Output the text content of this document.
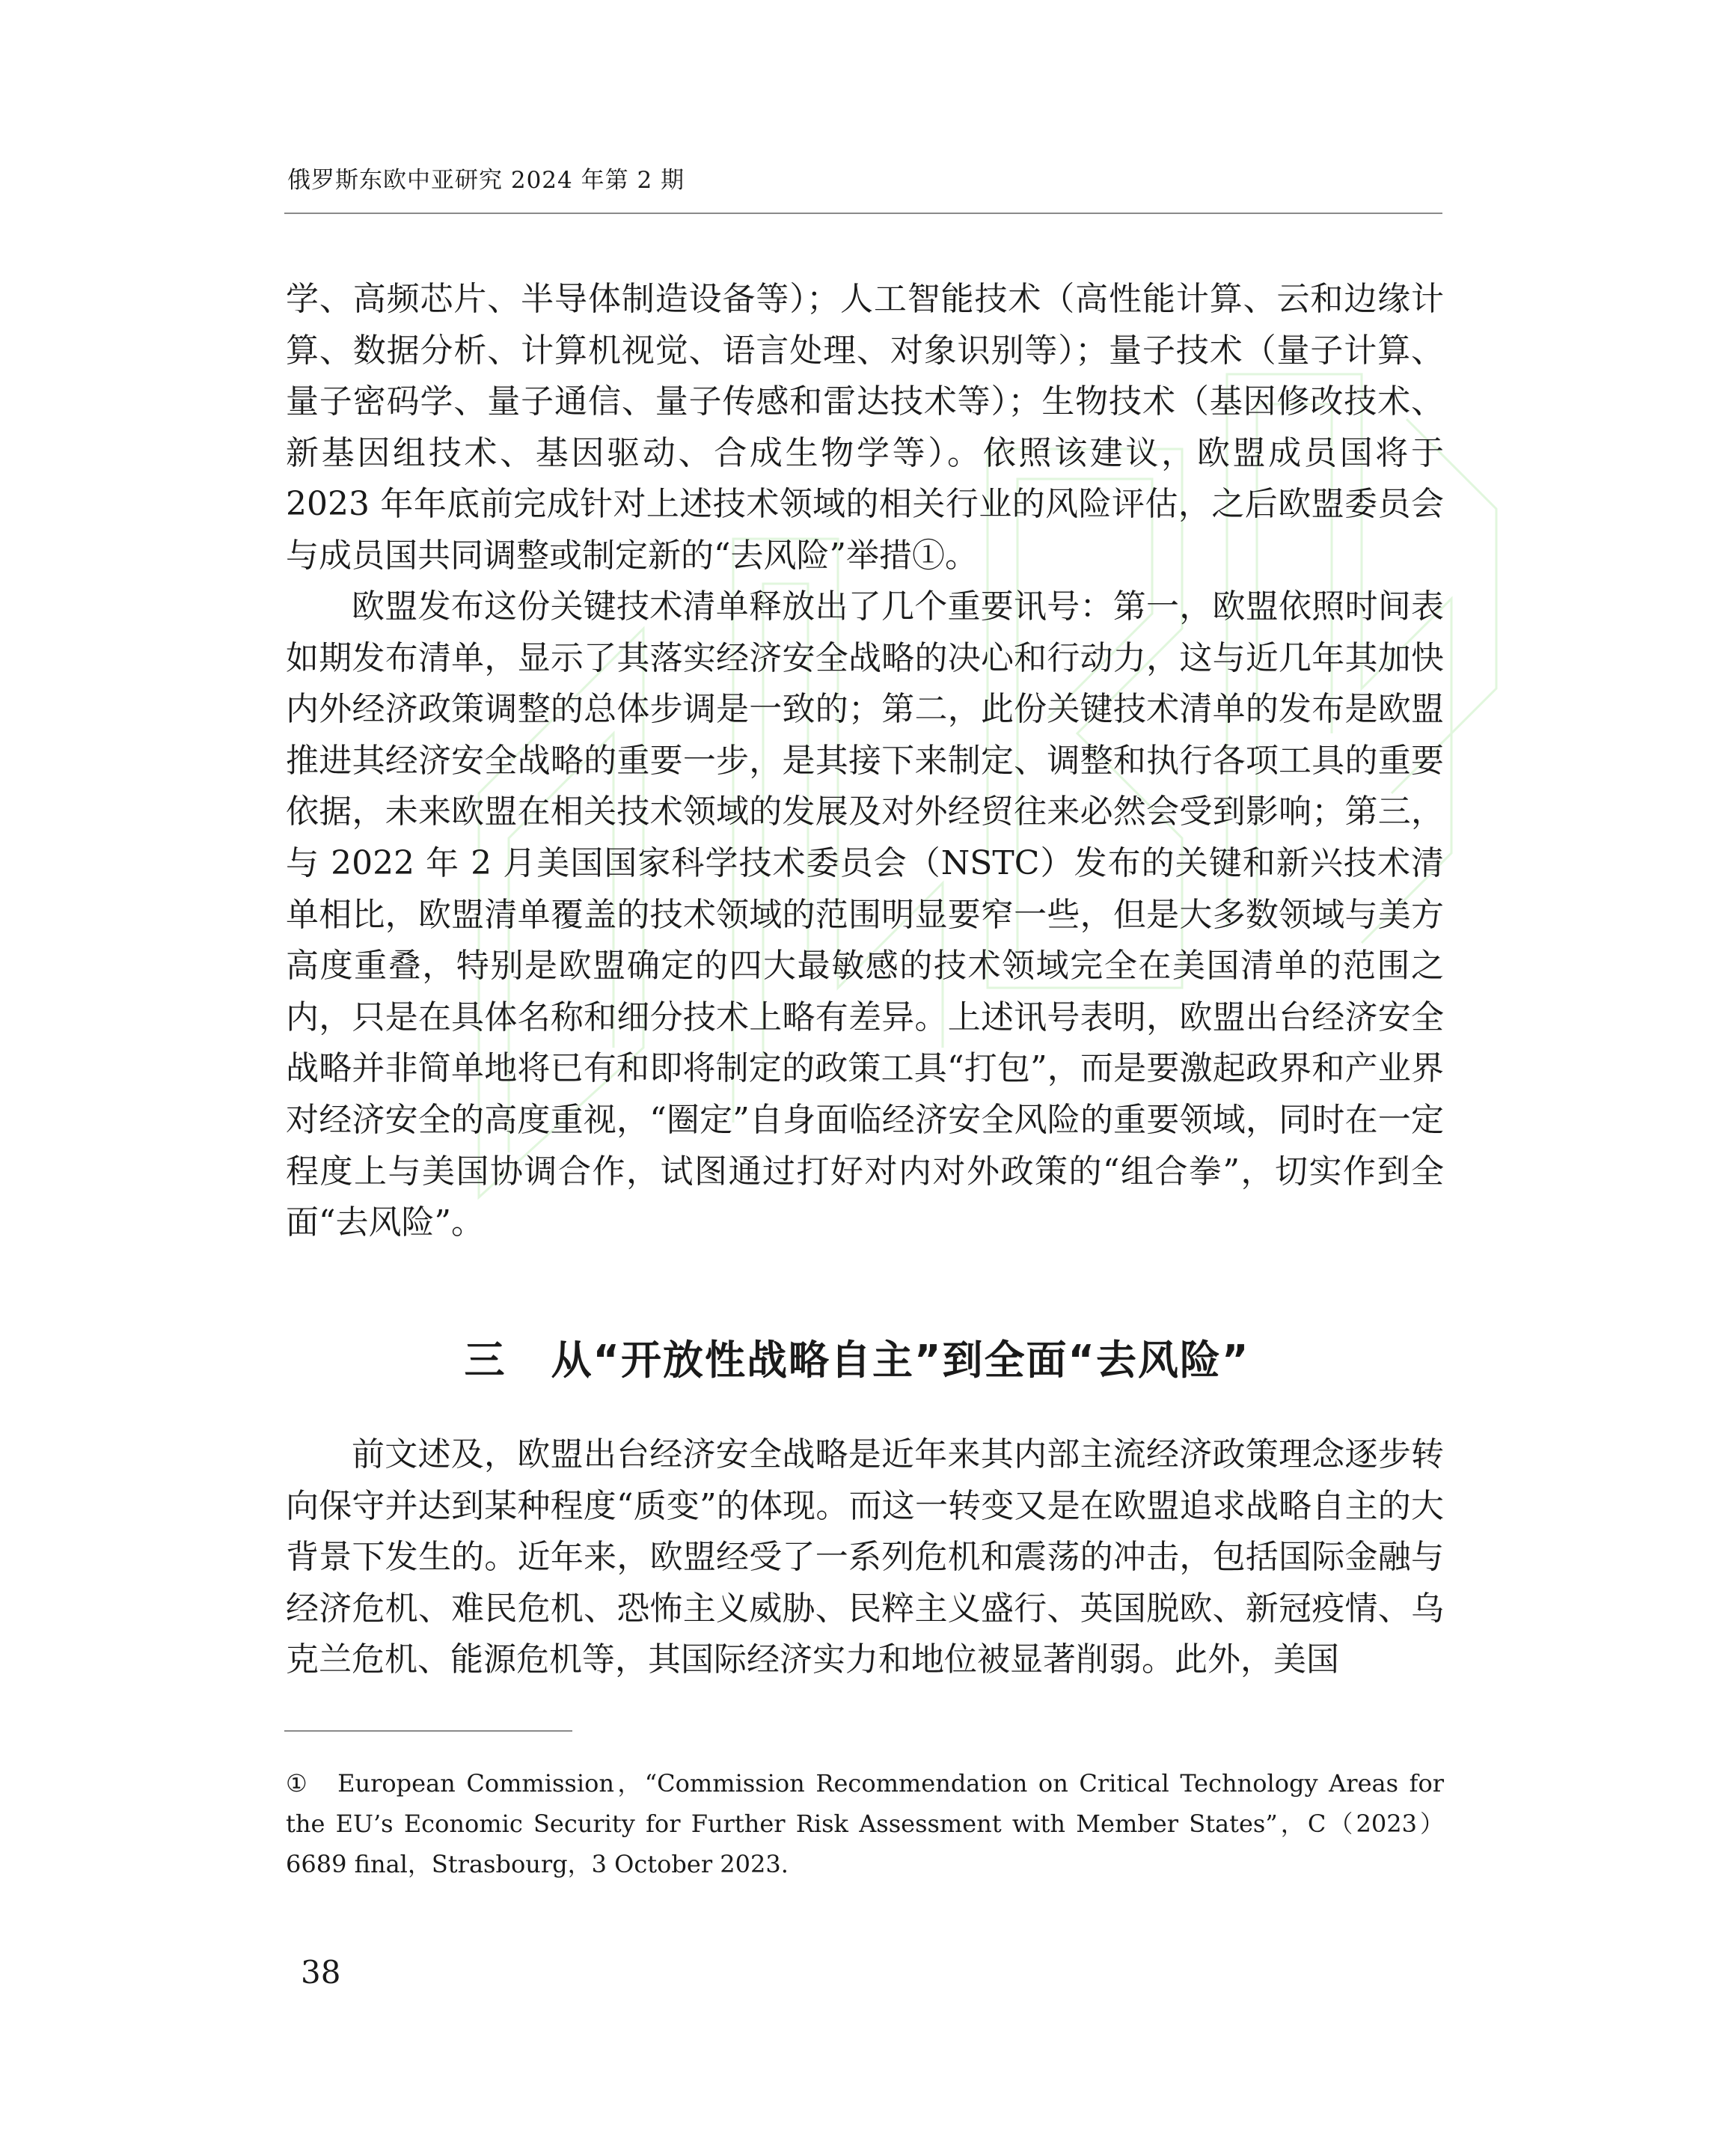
俄罗斯东欧中亚研究 2024 年第 2 期

学、高频芯片、半导体制造设备等）；人工智能技术（高性能计算、云和边缘计算、数据分析、计算机视觉、语言处理、对象识别等）；量子技术（量子计算、量子密码学、量子通信、量子传感和雷达技术等）；生物技术（基因修改技术、新基因组技术、基因驱动、合成生物学等）。依照该建议，欧盟成员国将于 2023 年年底前完成针对上述技术领域的相关行业的风险评估，之后欧盟委员会与成员国共同调整或制定新的“去风险”举措①。

欧盟发布这份关键技术清单释放出了几个重要讯号：第一，欧盟依照时间表如期发布清单，显示了其落实经济安全战略的决心和行动力，这与近几年其加快内外经济政策调整的总体步调是一致的；第二，此份关键技术清单的发布是欧盟推进其经济安全战略的重要一步，是其接下来制定、调整和执行各项工具的重要依据，未来欧盟在相关技术领域的发展及对外经贸往来必然会受到影响；第三，与 2022 年 2 月美国国家科学技术委员会（NSTC）发布的关键和新兴技术清单相比，欧盟清单覆盖的技术领域的范围明显要窄一些，但是大多数领域与美方高度重叠，特别是欧盟确定的四大最敏感的技术领域完全在美国清单的范围之内，只是在具体名称和细分技术上略有差异。上述讯号表明，欧盟出台经济安全战略并非简单地将已有和即将制定的政策工具“打包”，而是要激起政界和产业界对经济安全的高度重视，“圈定”自身面临经济安全风险的重要领域，同时在一定程度上与美国协调合作，试图通过打好对内对外政策的“组合拳”，切实作到全面“去风险”。

三 从“开放性战略自主”到全面“去风险”

前文述及，欧盟出台经济安全战略是近年来其内部主流经济政策理念逐步转向保守并达到某种程度“质变”的体现。而这一转变又是在欧盟追求战略自主的大背景下发生的。近年来，欧盟经受了一系列危机和震荡的冲击，包括国际金融与经济危机、难民危机、恐怖主义威胁、民粹主义盛行、英国脱欧、新冠疫情、乌克兰危机、能源危机等，其国际经济实力和地位被显著削弱。此外，美国

① European Commission，“Commission Recommendation on Critical Technology Areas for the EU’s Economic Security for Further Risk Assessment with Member States”，C（2023）6689 final，Strasbourg，3 October 2023.

38
